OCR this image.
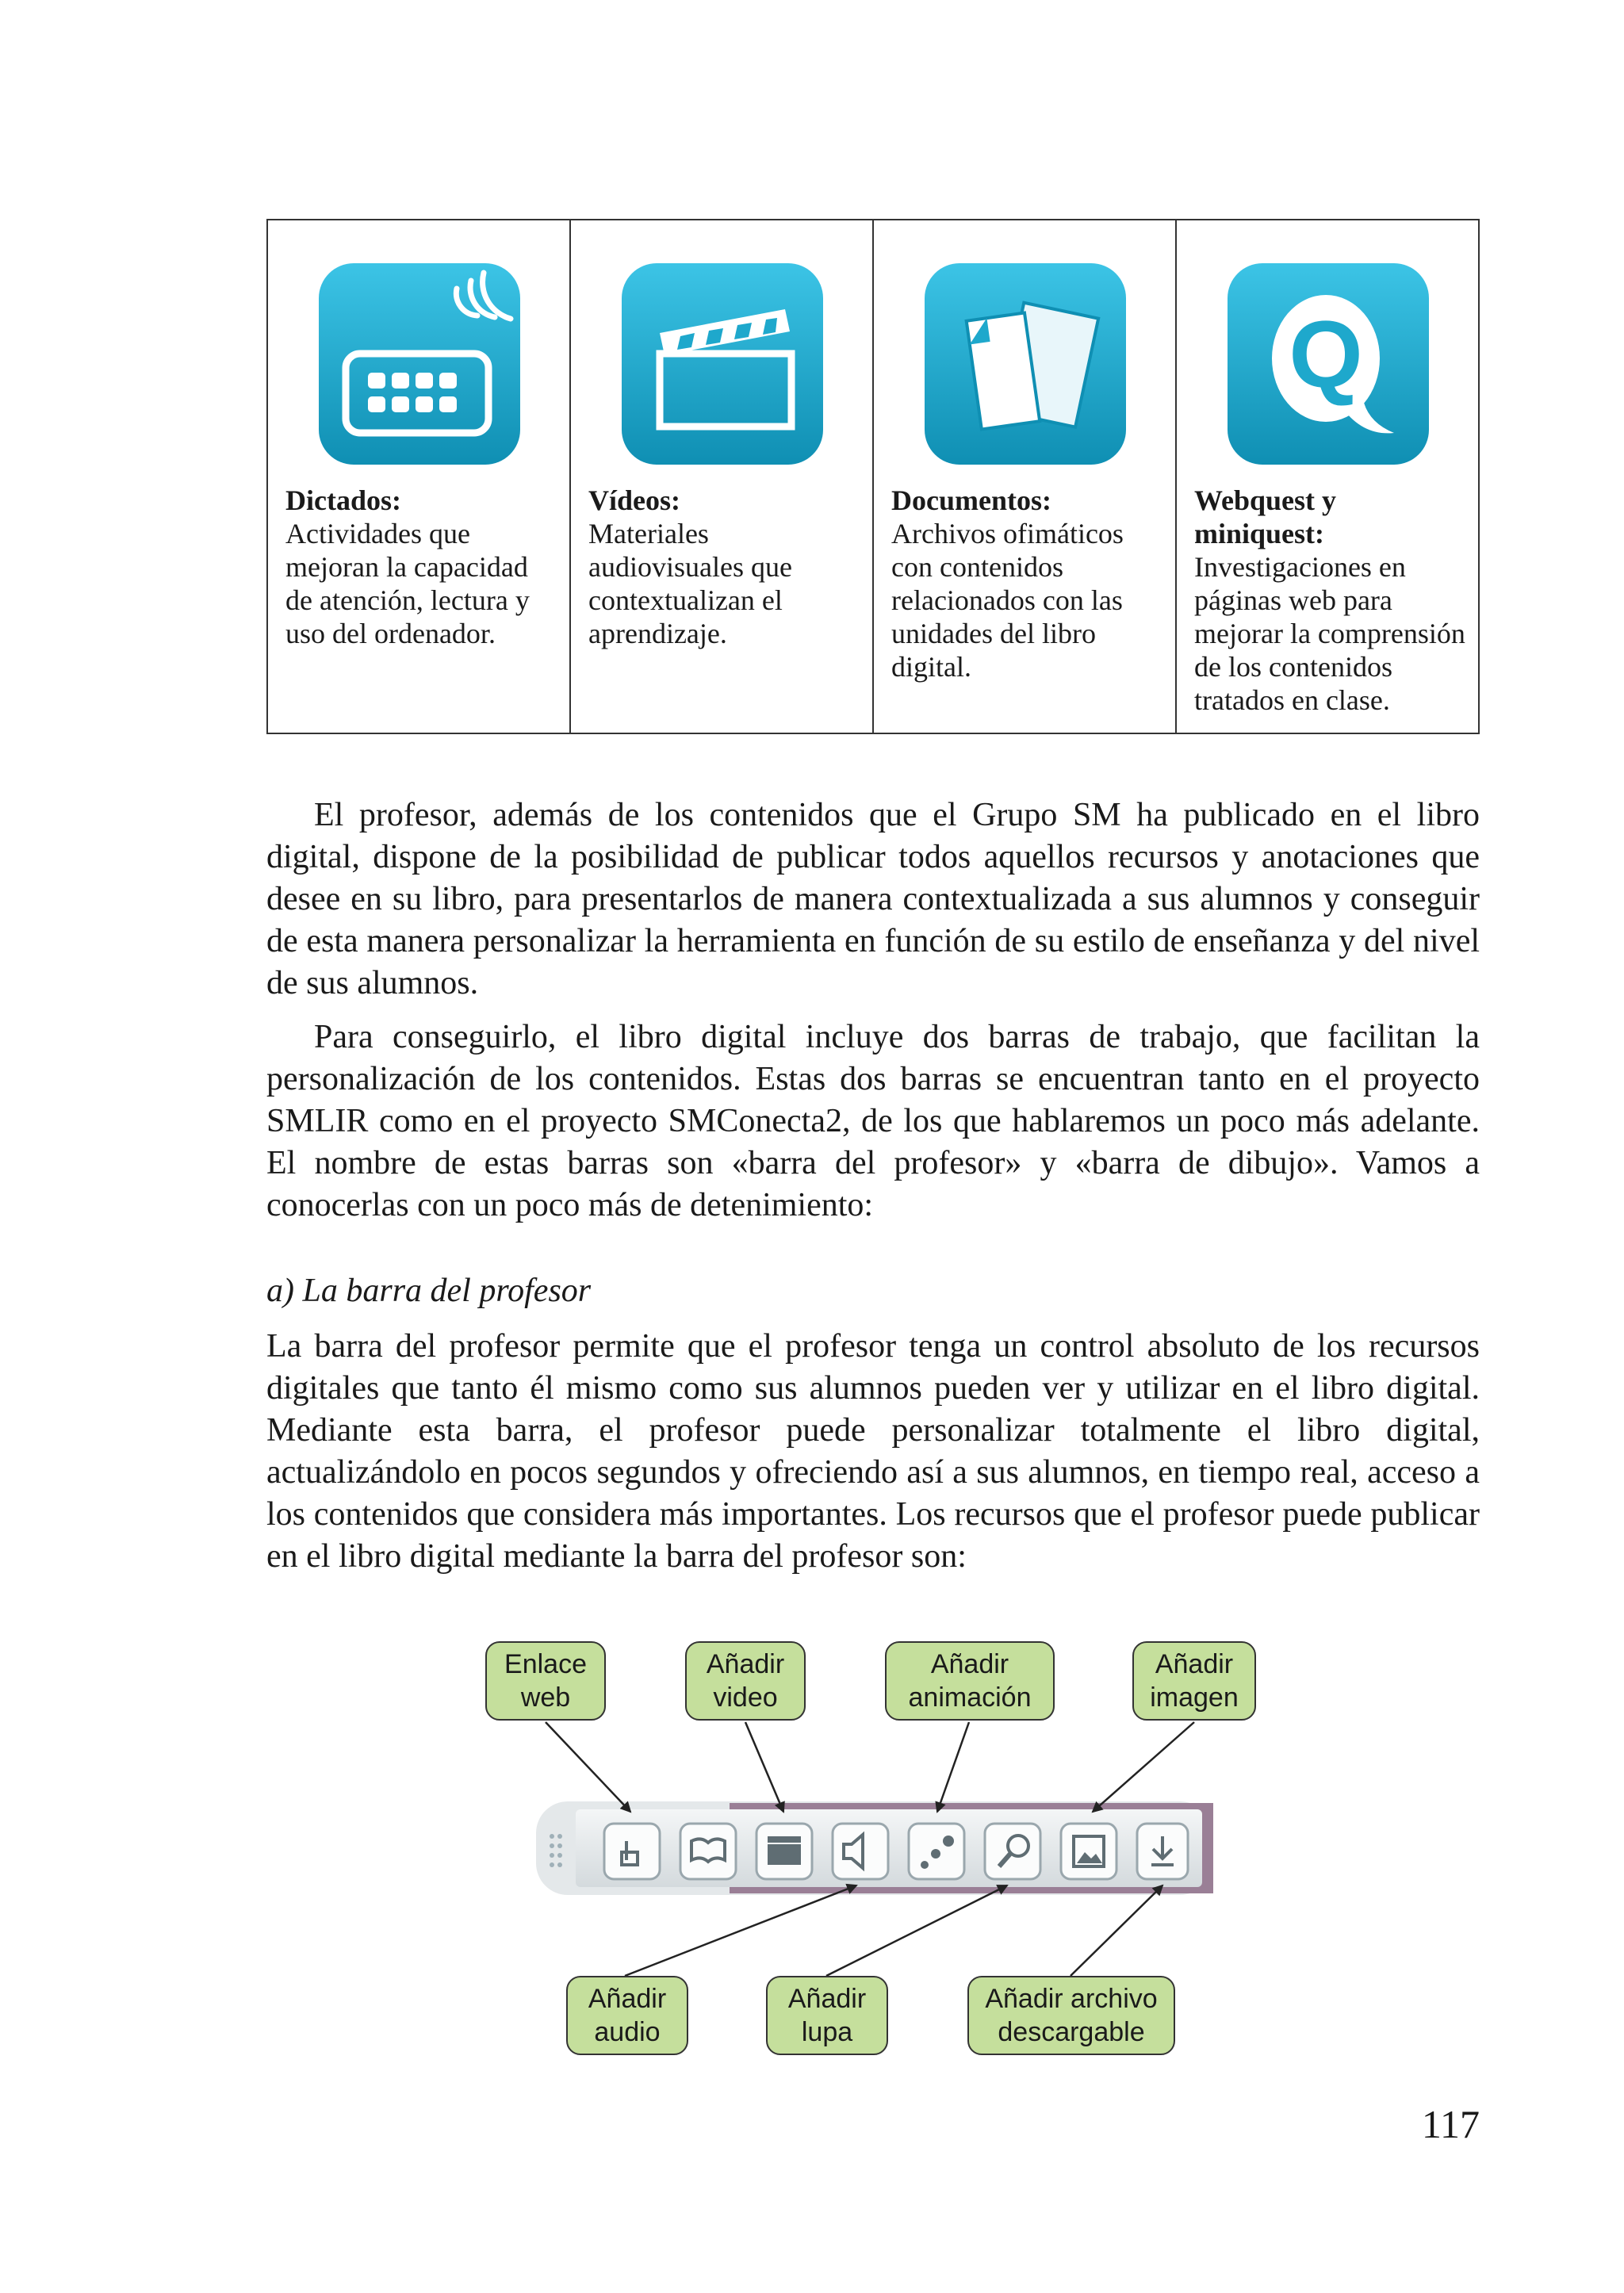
Dictados:
Actividades que mejoran la capacidad de atención, lectura y uso del ordenador.
Vídeos:
Materiales audiovisuales que contextualizan el aprendizaje.
Documentos:
Archivos ofimáticos con contenidos relacionados con las unidades del libro digital.
Q
Webquest y miniquest:
Investigaciones en páginas web para mejorar la comprensión de los contenidos tratados en clase.

El profesor, además de los contenidos que el Grupo SM ha publicado en el libro digital, dispone de la posibilidad de publicar todos aquellos recursos y anotaciones que desee en su libro, para presentarlos de manera contextualizada a sus alumnos y conseguir de esta manera personalizar la herramienta en función de su estilo de enseñanza y del nivel de sus alumnos.

Para conseguirlo, el libro digital incluye dos barras de trabajo, que facilitan la personalización de los contenidos. Estas dos barras se encuentran tanto en el proyecto SMLIR como en el proyecto SMConecta2, de los que hablaremos un poco más adelante. El nombre de estas barras son «barra del profesor» y «barra de dibujo». Vamos a conocerlas con un poco más de detenimiento:

a) La barra del profesor

La barra del profesor permite que el profesor tenga un control absoluto de los recursos digitales que tanto él mismo como sus alumnos pueden ver y utilizar en el libro digital. Mediante esta barra, el profesor puede personalizar totalmente el libro digital, actualizándolo en pocos segundos y ofreciendo así a sus alumnos, en tiempo real, acceso a los contenidos que considera más importantes. Los recursos que el profesor puede publicar en el libro digital mediante la barra del profesor son:

Enlace
web
Añadir
video
Añadir
animación
Añadir
imagen
Añadir
audio
Añadir
lupa
Añadir archivo
descargable

117
